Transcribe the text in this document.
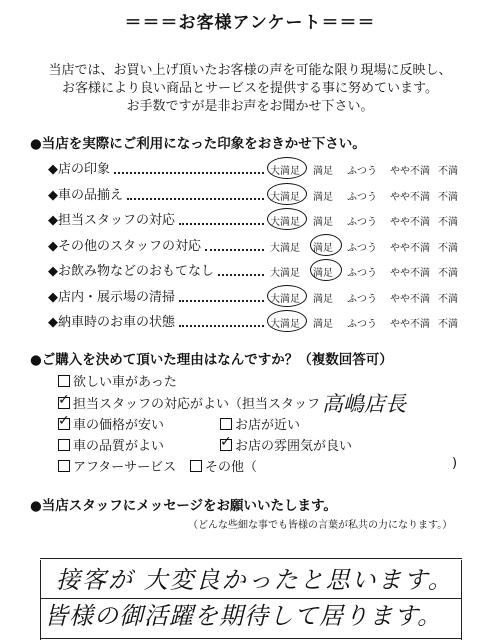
＝＝＝お客様アンケート＝＝＝
当店では、お買い上げ頂いたお客様の声を可能な限り現場に反映し、
お客様により良い商品とサービスを提供する事に努めています。
お手数ですが是非お声をお聞かせ下さい。
●当店を実際にご利用になった印象をおきかせ下さい。
◆店の印象	大満足 満足 ふつう やや不満 不満
◆車の品揃え	大満足 満足 ふつう やや不満 不満
◆担当スタッフの対応	大満足 満足 ふつう やや不満 不満
◆その他のスタッフの対応	大満足 満足 ふつう やや不満 不満
◆お飲み物などのおもてなし	大満足 満足 ふつう やや不満 不満
◆店内・展示場の清掃	大満足 満足 ふつう やや不満 不満
◆納車時のお車の状態	大満足 満足 ふつう やや不満 不満
●ご購入を決めて頂いた理由はなんですか？（複数回答可）
欲しい車があった
✓担当スタッフの対応がよい（担当スタッフ 高嶋店長
✓車の価格が安い	お店が近い
車の品質がよい
✓	お店の雰囲気が良い
アフターサービス	その他（	)
●当店スタッフにメッセージをお願いいたします。
（どんな些細な事でも皆様の言葉が私共の力になります。）
接客が 大変良かったと思います。
皆様の御活躍を期待して居ります。
